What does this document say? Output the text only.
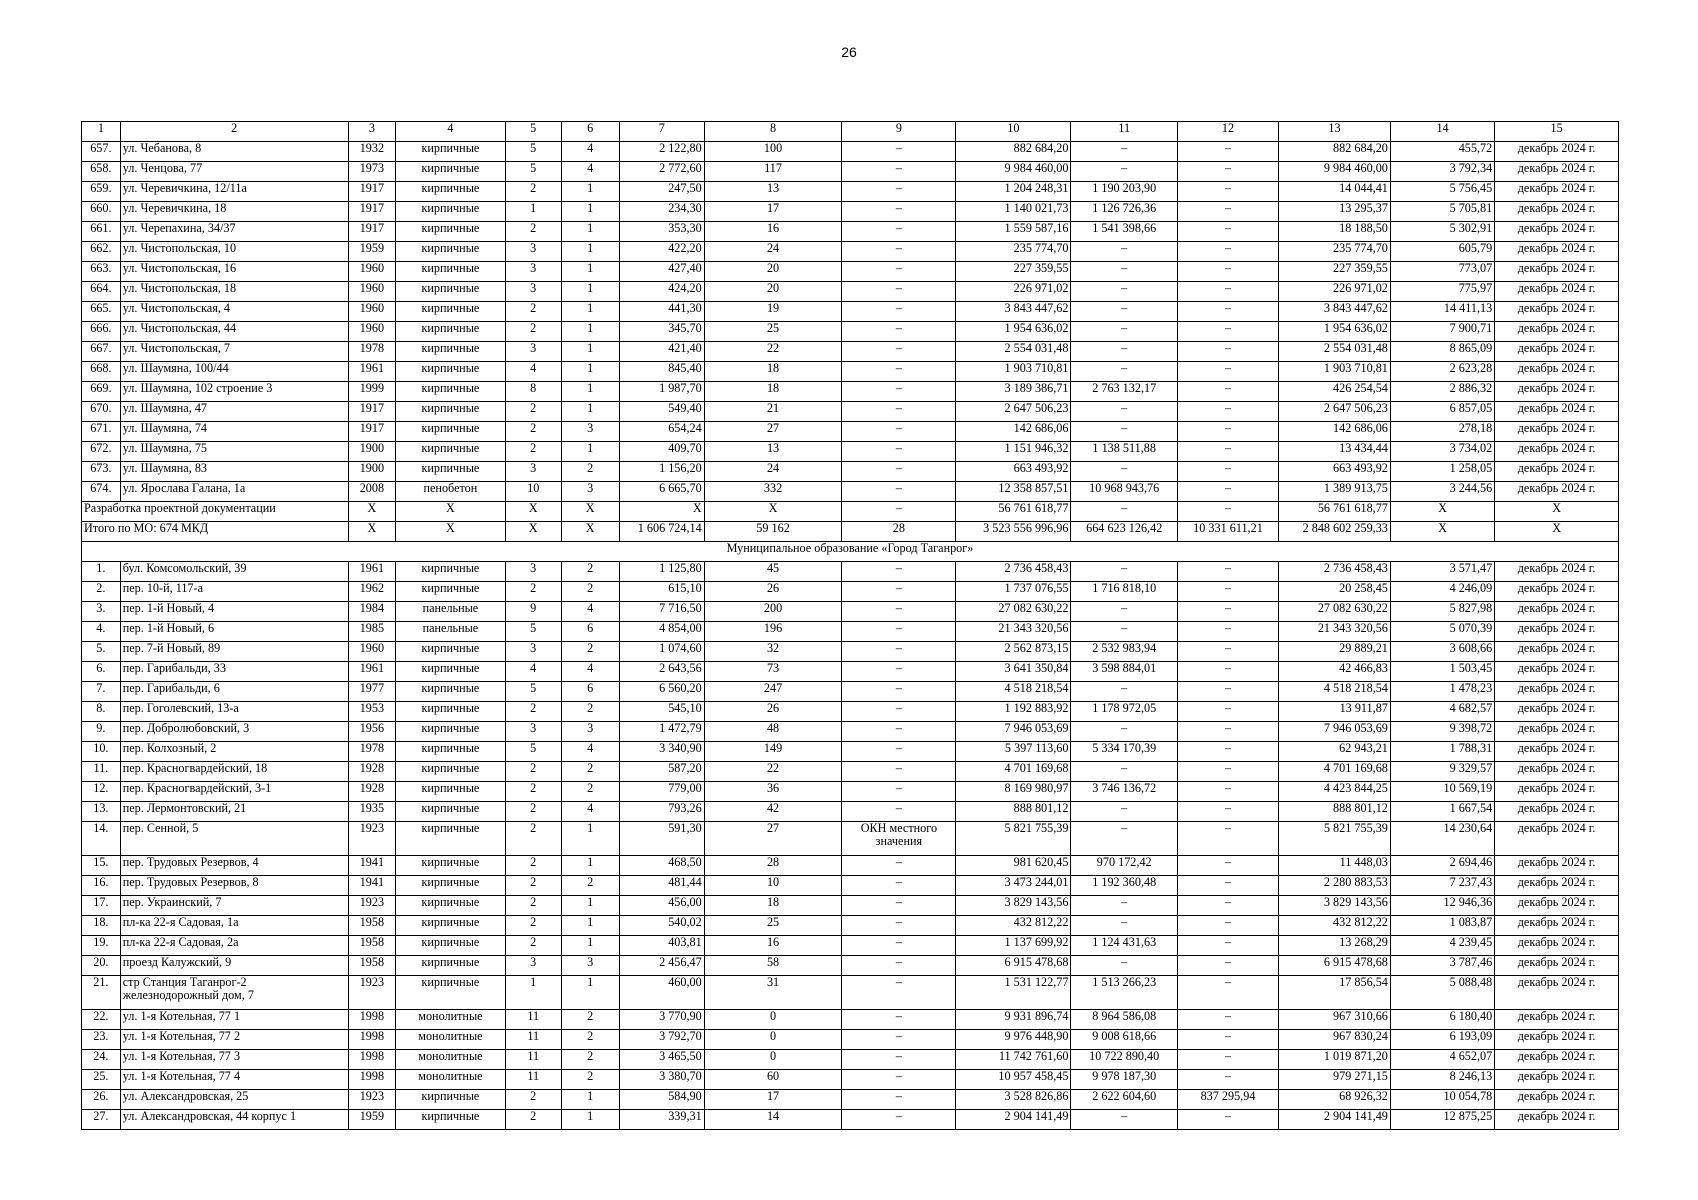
26
1	2	3	4	5	6	7	8	9	10	11	12	13	14	15
657.	ул. Чебанова, 8	1932	кирпичные	5	4	2 122,80	100	–	882 684,20	–	–	882 684,20	455,72	декабрь 2024 г.
658.	ул. Ченцова, 77	1973	кирпичные	5	4	2 772,60	117	–	9 984 460,00	–	–	9 984 460,00	3 792,34	декабрь 2024 г.
659.	ул. Черевичкина, 12/11а	1917	кирпичные	2	1	247,50	13	–	1 204 248,31	1 190 203,90	–	14 044,41	5 756,45	декабрь 2024 г.
660.	ул. Черевичкина, 18	1917	кирпичные	1	1	234,30	17	–	1 140 021,73	1 126 726,36	–	13 295,37	5 705,81	декабрь 2024 г.
661.	ул. Черепахина, 34/37	1917	кирпичные	2	1	353,30	16	–	1 559 587,16	1 541 398,66	–	18 188,50	5 302,91	декабрь 2024 г.
662.	ул. Чистопольская, 10	1959	кирпичные	3	1	422,20	24	–	235 774,70	–	–	235 774,70	605,79	декабрь 2024 г.
663.	ул. Чистопольская, 16	1960	кирпичные	3	1	427,40	20	–	227 359,55	–	–	227 359,55	773,07	декабрь 2024 г.
664.	ул. Чистопольская, 18	1960	кирпичные	3	1	424,20	20	–	226 971,02	–	–	226 971,02	775,97	декабрь 2024 г.
665.	ул. Чистопольская, 4	1960	кирпичные	2	1	441,30	19	–	3 843 447,62	–	–	3 843 447,62	14 411,13	декабрь 2024 г.
666.	ул. Чистопольская, 44	1960	кирпичные	2	1	345,70	25	–	1 954 636,02	–	–	1 954 636,02	7 900,71	декабрь 2024 г.
667.	ул. Чистопольская, 7	1978	кирпичные	3	1	421,40	22	–	2 554 031,48	–	–	2 554 031,48	8 865,09	декабрь 2024 г.
668.	ул. Шаумяна, 100/44	1961	кирпичные	4	1	845,40	18	–	1 903 710,81	–	–	1 903 710,81	2 623,28	декабрь 2024 г.
669.	ул. Шаумяна, 102 строение 3	1999	кирпичные	8	1	1 987,70	18	–	3 189 386,71	2 763 132,17	–	426 254,54	2 886,32	декабрь 2024 г.
670.	ул. Шаумяна, 47	1917	кирпичные	2	1	549,40	21	–	2 647 506,23	–	–	2 647 506,23	6 857,05	декабрь 2024 г.
671.	ул. Шаумяна, 74	1917	кирпичные	2	3	654,24	27	–	142 686,06	–	–	142 686,06	278,18	декабрь 2024 г.
672.	ул. Шаумяна, 75	1900	кирпичные	2	1	409,70	13	–	1 151 946,32	1 138 511,88	–	13 434,44	3 734,02	декабрь 2024 г.
673.	ул. Шаумяна, 83	1900	кирпичные	3	2	1 156,20	24	–	663 493,92	–	–	663 493,92	1 258,05	декабрь 2024 г.
674.	ул. Ярослава Галана, 1а	2008	пенобетон	10	3	6 665,70	332	–	12 358 857,51	10 968 943,76	–	1 389 913,75	3 244,56	декабрь 2024 г.
Разработка проектной документации		X	X	X	X	X	X	–	56 761 618,77	–	–	56 761 618,77	X	X
Итого по МО: 674 МКД		X	X	X	X	1 606 724,14	59 162	28	3 523 556 996,96	664 623 126,42	10 331 611,21	2 848 602 259,33	X	X
Муниципальное образование «Город Таганрог»														
1.	бул. Комсомольский, 39	1961	кирпичные	3	2	1 125,80	45	–	2 736 458,43	–	–	2 736 458,43	3 571,47	декабрь 2024 г.
2.	пер. 10-й, 117-а	1962	кирпичные	2	2	615,10	26	–	1 737 076,55	1 716 818,10	–	20 258,45	4 246,09	декабрь 2024 г.
3.	пер. 1-й Новый, 4	1984	панельные	9	4	7 716,50	200	–	27 082 630,22	–	–	27 082 630,22	5 827,98	декабрь 2024 г.
4.	пер. 1-й Новый, 6	1985	панельные	5	6	4 854,00	196	–	21 343 320,56	–	–	21 343 320,56	5 070,39	декабрь 2024 г.
5.	пер. 7-й Новый, 89	1960	кирпичные	3	2	1 074,60	32	–	2 562 873,15	2 532 983,94	–	29 889,21	3 608,66	декабрь 2024 г.
6.	пер. Гарибальди, 33	1961	кирпичные	4	4	2 643,56	73	–	3 641 350,84	3 598 884,01	–	42 466,83	1 503,45	декабрь 2024 г.
7.	пер. Гарибальди, 6	1977	кирпичные	5	6	6 560,20	247	–	4 518 218,54	–	–	4 518 218,54	1 478,23	декабрь 2024 г.
8.	пер. Гоголевский, 13-а	1953	кирпичные	2	2	545,10	26	–	1 192 883,92	1 178 972,05	–	13 911,87	4 682,57	декабрь 2024 г.
9.	пер. Добролюбовский, 3	1956	кирпичные	3	3	1 472,79	48	–	7 946 053,69	–	–	7 946 053,69	9 398,72	декабрь 2024 г.
10.	пер. Колхозный, 2	1978	кирпичные	5	4	3 340,90	149	–	5 397 113,60	5 334 170,39	–	62 943,21	1 788,31	декабрь 2024 г.
11.	пер. Красногвардейский, 18	1928	кирпичные	2	2	587,20	22	–	4 701 169,68	–	–	4 701 169,68	9 329,57	декабрь 2024 г.
12.	пер. Красногвардейский, 3-1	1928	кирпичные	2	2	779,00	36	–	8 169 980,97	3 746 136,72	–	4 423 844,25	10 569,19	декабрь 2024 г.
13.	пер. Лермонтовский, 21	1935	кирпичные	2	4	793,26	42	–	888 801,12	–	–	888 801,12	1 667,54	декабрь 2024 г.
14.	пер. Сенной, 5	1923	кирпичные	2	1	591,30	27	ОКН местного значения	5 821 755,39	–	–	5 821 755,39	14 230,64	декабрь 2024 г.
15.	пер. Трудовых Резервов, 4	1941	кирпичные	2	1	468,50	28	–	981 620,45	970 172,42	–	11 448,03	2 694,46	декабрь 2024 г.
16.	пер. Трудовых Резервов, 8	1941	кирпичные	2	2	481,44	10	–	3 473 244,01	1 192 360,48	–	2 280 883,53	7 237,43	декабрь 2024 г.
17.	пер. Украинский, 7	1923	кирпичные	2	1	456,00	18	–	3 829 143,56	–	–	3 829 143,56	12 946,36	декабрь 2024 г.
18.	пл-ка 22-я Садовая, 1а	1958	кирпичные	2	1	540,02	25	–	432 812,22	–	–	432 812,22	1 083,87	декабрь 2024 г.
19.	пл-ка 22-я Садовая, 2а	1958	кирпичные	2	1	403,81	16	–	1 137 699,92	1 124 431,63	–	13 268,29	4 239,45	декабрь 2024 г.
20.	проезд Калужский, 9	1958	кирпичные	3	3	2 456,47	58	–	6 915 478,68	–	–	6 915 478,68	3 787,46	декабрь 2024 г.
21.	стр Станция Таганрог-2 железнодорожный дом, 7	1923	кирпичные	1	1	460,00	31	–	1 531 122,77	1 513 266,23	–	17 856,54	5 088,48	декабрь 2024 г.
22.	ул. 1-я Котельная, 77 1	1998	монолитные	11	2	3 770,90	0	–	9 931 896,74	8 964 586,08	–	967 310,66	6 180,40	декабрь 2024 г.
23.	ул. 1-я Котельная, 77 2	1998	монолитные	11	2	3 792,70	0	–	9 976 448,90	9 008 618,66	–	967 830,24	6 193,09	декабрь 2024 г.
24.	ул. 1-я Котельная, 77 3	1998	монолитные	11	2	3 465,50	0	–	11 742 761,60	10 722 890,40	–	1 019 871,20	4 652,07	декабрь 2024 г.
25.	ул. 1-я Котельная, 77 4	1998	монолитные	11	2	3 380,70	60	–	10 957 458,45	9 978 187,30	–	979 271,15	8 246,13	декабрь 2024 г.
26.	ул. Александровская, 25	1923	кирпичные	2	1	584,90	17	–	3 528 826,86	2 622 604,60	837 295,94	68 926,32	10 054,78	декабрь 2024 г.
27.	ул. Александровская, 44 корпус 1	1959	кирпичные	2	1	339,31	14	–	2 904 141,49	–	–	2 904 141,49	12 875,25	декабрь 2024 г.
